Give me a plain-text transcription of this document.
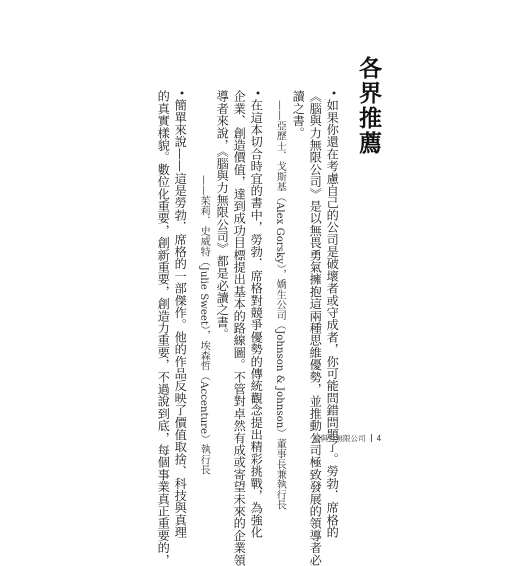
各界推薦
•如果你還在考慮自己的公司是破壞者或守成者，你可能問錯問題了。勞勃．席格的
《腦與力無限公司》是以無畏勇氣擁抱這兩種思維優勢，並推動公司極致發展的領導者必
讀之書。
——亞歷士．戈斯基（Alex Gorsky），嬌生公司（Johnson & Johnson）董事長兼執行長
•在這本切合時宜的書中，勞勃．席格對競爭優勢的傳統觀念提出精彩挑戰，為強化
企業、創造價值，達到成功目標提出基本的路線圖。不管對卓然有成或寄望未來的企業領
導者來說，《腦與力無限公司》都是必讀之書。
——茱莉．史威特（Julie Sweet），埃森哲（Accenture）執行長
•簡單來說——這是勞勃．席格的一部傑作。他的作品反映了價值取捨、科技與真理
的真實樣貌。數位化重要，創新重要，創造力重要，不過說到底，每個事業真正重要的，	腦與力無限公司 4
